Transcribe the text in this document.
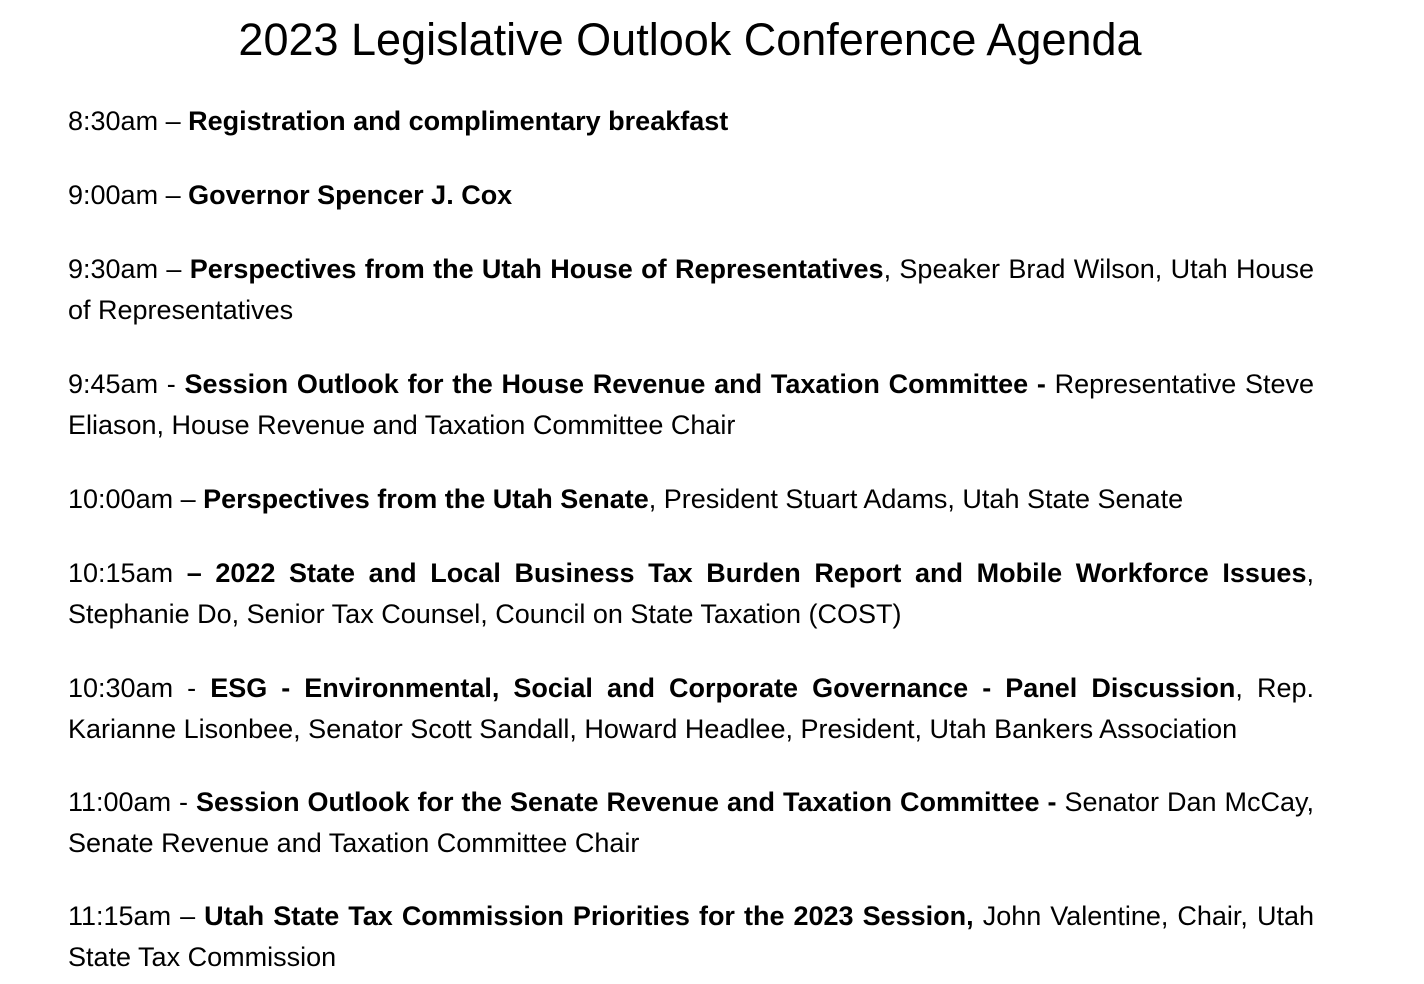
2023 Legislative Outlook Conference Agenda

8:30am – Registration and complimentary breakfast

9:00am – Governor Spencer J. Cox

9:30am – Perspectives from the Utah House of Representatives, Speaker Brad Wilson, Utah House of Representatives

9:45am - Session Outlook for the House Revenue and Taxation Committee - Representative Steve Eliason, House Revenue and Taxation Committee Chair

10:00am – Perspectives from the Utah Senate, President Stuart Adams, Utah State Senate

10:15am – 2022 State and Local Business Tax Burden Report and Mobile Workforce Issues, Stephanie Do, Senior Tax Counsel, Council on State Taxation (COST)

10:30am - ESG - Environmental, Social and Corporate Governance - Panel Discussion, Rep. Karianne Lisonbee, Senator Scott Sandall, Howard Headlee, President, Utah Bankers Association

11:00am - Session Outlook for the Senate Revenue and Taxation Committee - Senator Dan McCay, Senate Revenue and Taxation Committee Chair

11:15am – Utah State Tax Commission Priorities for the 2023 Session, John Valentine, Chair, Utah State Tax Commission
